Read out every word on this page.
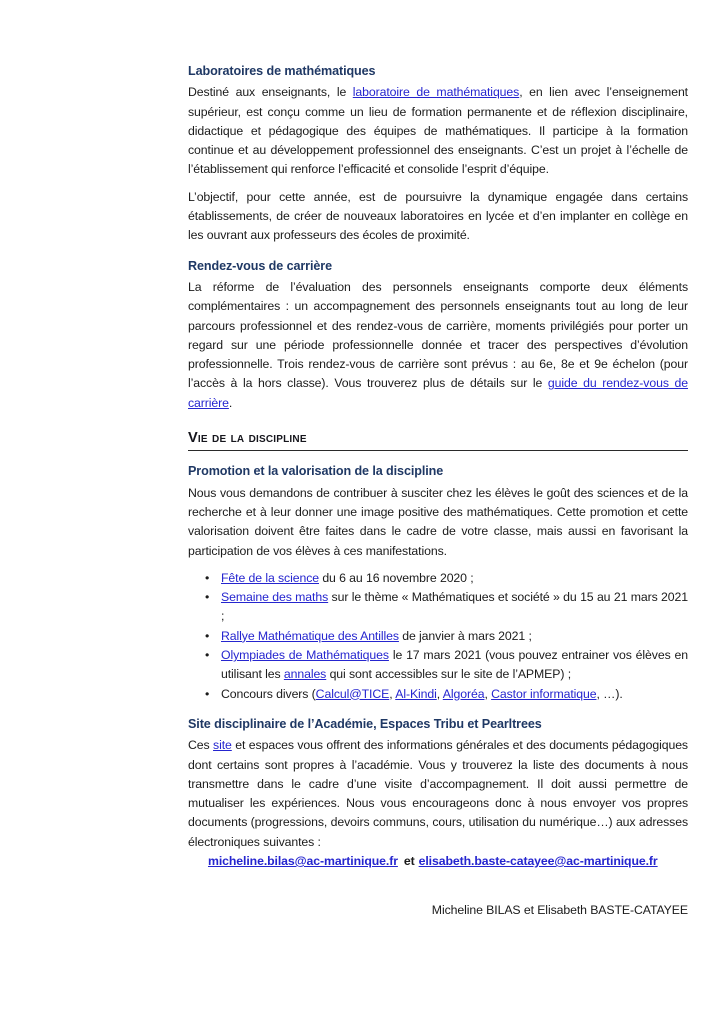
Laboratoires de mathématiques

Destiné aux enseignants, le laboratoire de mathématiques, en lien avec l’enseignement supérieur, est conçu comme un lieu de formation permanente et de réflexion disciplinaire, didactique et pédagogique des équipes de mathématiques. Il participe à la formation continue et au développement professionnel des enseignants. C’est un projet à l’échelle de l’établissement qui renforce l’efficacité et consolide l’esprit d’équipe.

L’objectif, pour cette année, est de poursuivre la dynamique engagée dans certains établissements, de créer de nouveaux laboratoires en lycée et d’en implanter en collège en les ouvrant aux professeurs des écoles de proximité.

Rendez-vous de carrière

La réforme de l’évaluation des personnels enseignants comporte deux éléments complémentaires : un accompagnement des personnels enseignants tout au long de leur parcours professionnel et des rendez-vous de carrière, moments privilégiés pour porter un regard sur une période professionnelle donnée et tracer des perspectives d’évolution professionnelle. Trois rendez-vous de carrière sont prévus : au 6e, 8e et 9e échelon (pour l’accès à la hors classe). Vous trouverez plus de détails sur le guide du rendez-vous de carrière.

Vie de la discipline
Promotion et la valorisation de la discipline

Nous vous demandons de contribuer à susciter chez les élèves le goût des sciences et de la recherche et à leur donner une image positive des mathématiques. Cette promotion et cette valorisation doivent être faites dans le cadre de votre classe, mais aussi en favorisant la participation de vos élèves à ces manifestations.

• Fête de la science du 6 au 16 novembre 2020 ;
• Semaine des maths sur le thème « Mathématiques et société » du 15 au 21 mars 2021 ;
• Rallye Mathématique des Antilles de janvier à mars 2021 ;
• Olympiades de Mathématiques le 17 mars 2021 (vous pouvez entrainer vos élèves en utilisant les annales qui sont accessibles sur le site de l’APMEP) ;
• Concours divers (Calcul@TICE, Al-Kindi, Algoréa, Castor informatique, …).
Site disciplinaire de l’Académie, Espaces Tribu et Pearltrees

Ces site et espaces vous offrent des informations générales et des documents pédagogiques dont certains sont propres à l’académie. Vous y trouverez la liste des documents à nous transmettre dans le cadre d’une visite d’accompagnement. Il doit aussi permettre de mutualiser les expériences. Nous vous encourageons donc à nous envoyer vos propres documents (progressions, devoirs communs, cours, utilisation du numérique…) aux adresses électroniques suivantes :

micheline.bilas@ac-martinique.fr et elisabeth.baste-catayee@ac-martinique.fr

Micheline BILAS et Elisabeth BASTE-CATAYEE
